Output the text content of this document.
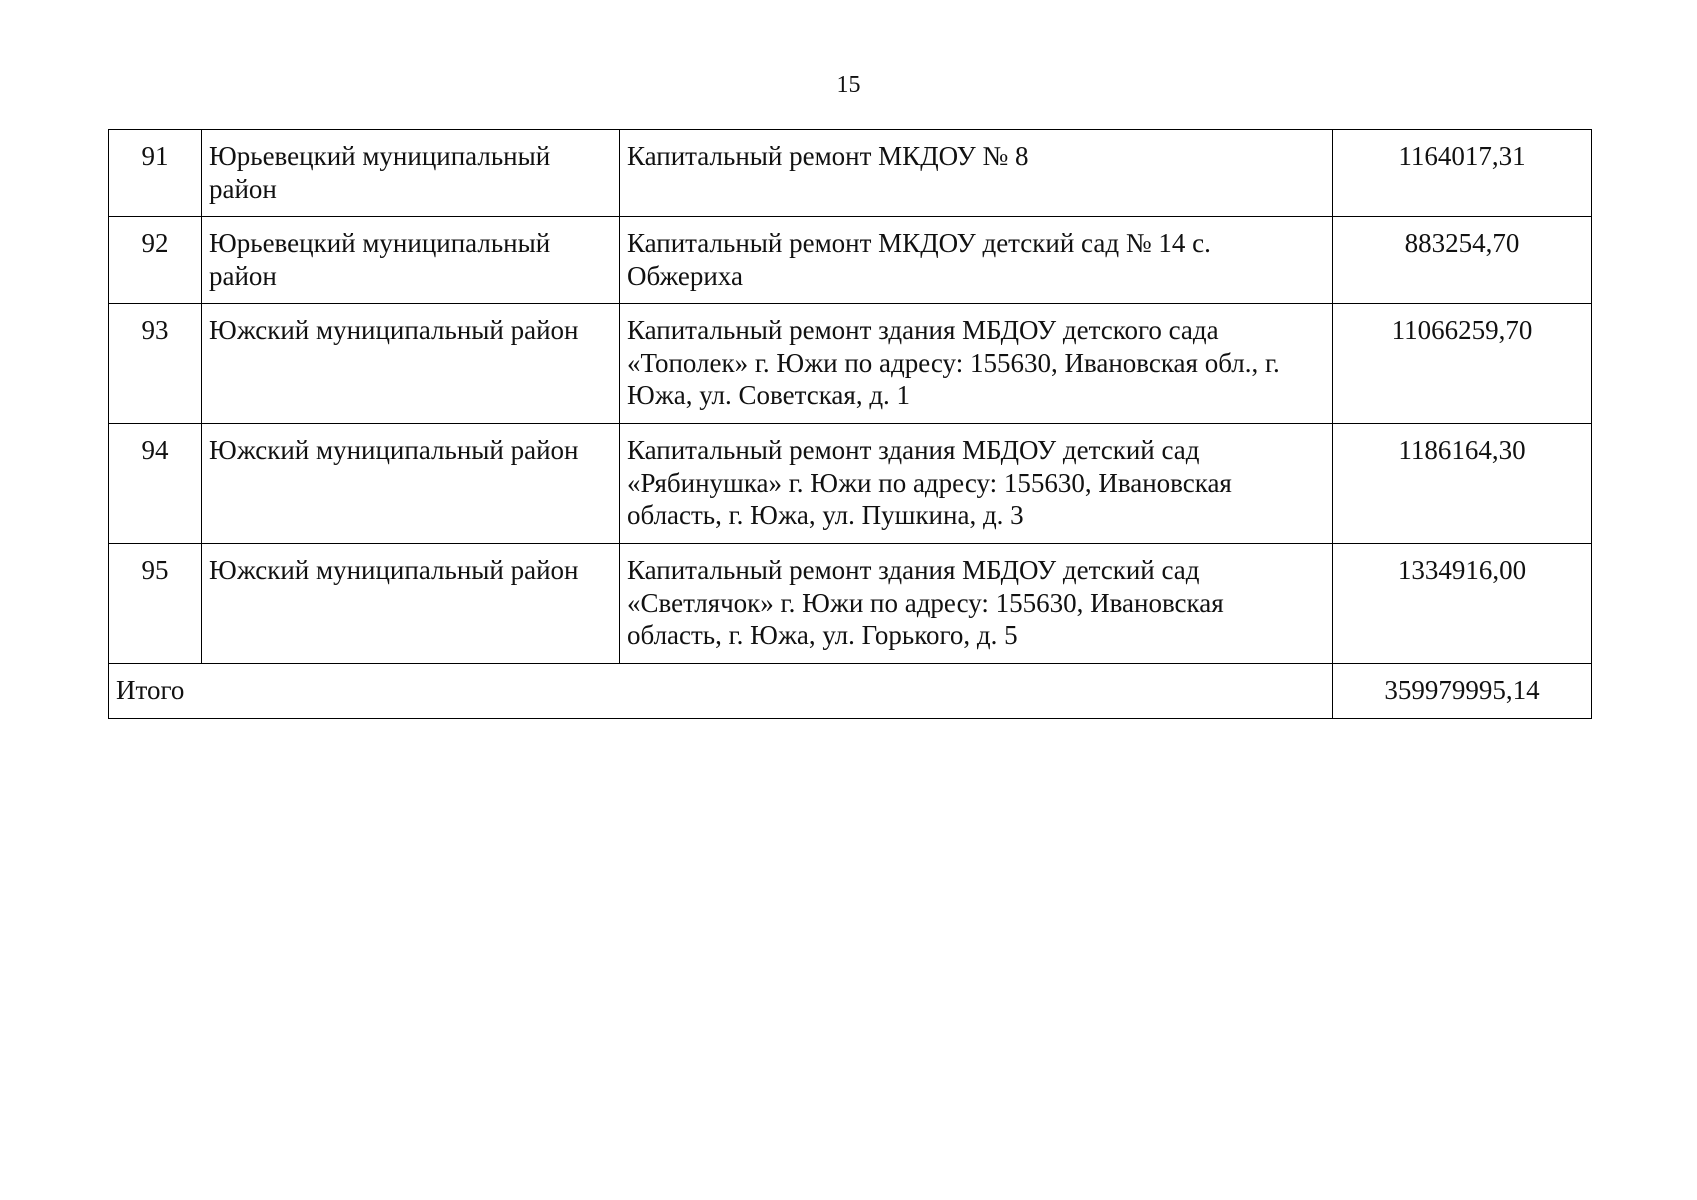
15
91	Юрьевецкий муниципальный район	Капитальный ремонт МКДОУ № 8	1164017,31
92	Юрьевецкий муниципальный район	Капитальный ремонт МКДОУ детский сад № 14 с. Обжериха	883254,70
93	Южский муниципальный район	Капитальный ремонт здания МБДОУ детского сада «Тополек» г. Южи по адресу: 155630, Ивановская обл., г. Южа, ул. Советская, д. 1	11066259,70
94	Южский муниципальный район	Капитальный ремонт здания МБДОУ детский сад «Рябинушка» г. Южи по адресу: 155630, Ивановская область, г. Южа, ул. Пушкина, д. 3	1186164,30
95	Южский муниципальный район	Капитальный ремонт здания МБДОУ детский сад «Светлячок» г. Южи по адресу: 155630, Ивановская область, г. Южа, ул. Горького, д. 5	1334916,00
Итого			359979995,14
